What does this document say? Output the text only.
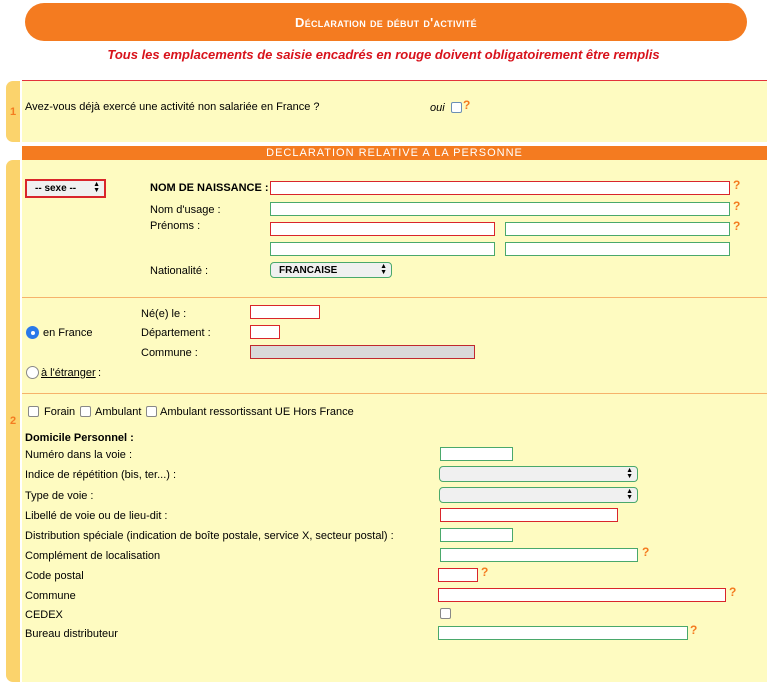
Déclaration de début d'activité
Tous les emplacements de saisie encadrés en rouge doivent obligatoirement être remplis
1 Avez-vous déjà exercé une activité non salariée en France ?	oui ?
2
DECLARATION RELATIVE A LA PERSONNE
-- sexe -- ▲
▼	NOM DE NAISSANCE :	?
Nom d'usage :	?
Prénoms :	?
Nationalité :	FRANCAISE	▲
▼
Né(e) le :
en France	Département :
Commune :
à l'étranger :
Forain Ambulant Ambulant ressortissant UE Hors France
Domicile Personnel :
Numéro dans la voie :
Indice de répétition (bis, ter...) :	▲
▼
Type de voie :	▲
▼
Libellé de voie ou de lieu-dit :
Distribution spéciale (indication de boîte postale, service X, secteur postal) :
Complément de localisation	?
Code postal	?
Commune	?
CEDEX
Bureau distributeur	?
